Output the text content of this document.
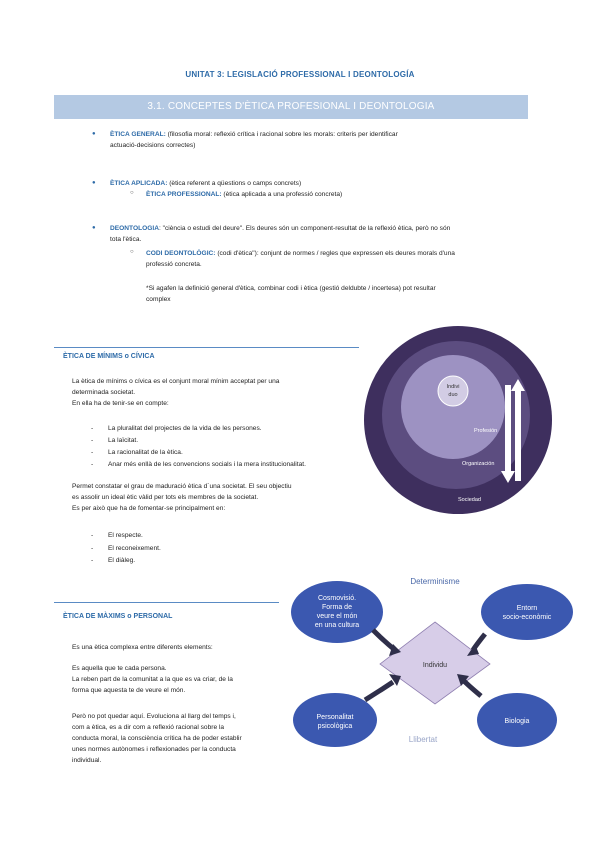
UNITAT 3: LEGISLACIÓ PROFESSIONAL I DEONTOLOGÍA
3.1. CONCEPTES D'ÈTICA PROFESIONAL I DEONTOLOGIA
● ÈTICA GENERAL: (filosofia moral: reflexió crítica i racional sobre les morals: criteris per identificar
actuació-decisions correctes)
● ÈTICA APLICADA: (ètica referent a qüestions o camps concrets)
○ ÈTICA PROFESSIONAL: (ètica aplicada a una professió concreta)
● DEONTOLOGIA: "ciència o estudi del deure". Els deures són un component-resultat de la reflexió ètica, però no són
tota l'ètica.
○ CODI DEONTOLÒGIC: (codi d'ètica"): conjunt de normes / regles que expressen els deures morals d'una
professió concreta.
*Si agafen la definició general d'ètica, combinar codi i ètica (gestió deldubte / incertesa) pot resultar
complex
ÈTICA DE MÍNIMS o CÍVICA
La ètica de mínims o cívica es el conjunt moral mínim acceptat per una
determinada societat.
En ella ha de tenir-se en compte:
- La pluralitat del projectes de la vida de les persones.
- La laïcitat.
- La racionalitat de la ètica.
- Anar més enllà de les convencions socials i la mera institucionalitat.
Permet constatar el grau de maduració ètica d´una societat. El seu objectiu
es assolir un ideal ètic vàlid per tots els membres de la societat.
Es per això que ha de fomentar-se principalment en:
- El respecte.
- El reconeixement.
- El diàleg.
Indivi
duo
Profesión
Organización
Sociedad
ÈTICA DE MÀXIMS o PERSONAL
Es una ètica complexa entre diferents elements:
Es aquella que te cada persona.
La reben part de la comunitat a la que es va criar, de la
forma que aquesta te de veure el món.
Però no pot quedar aquí. Evoluciona al llarg del temps i,
com a ètica, es a dir com a reflexió racional sobre la
conducta moral, la consciència crítica ha de poder establir
unes normes autònomes i reflexionades per la conducta
individual.
Determinisme
Llibertat
Individu
Cosmovisió.
Forma de
veure el món
en una cultura
Entorn
socio-econòmic
Personalitat
psicològica
Biologia
